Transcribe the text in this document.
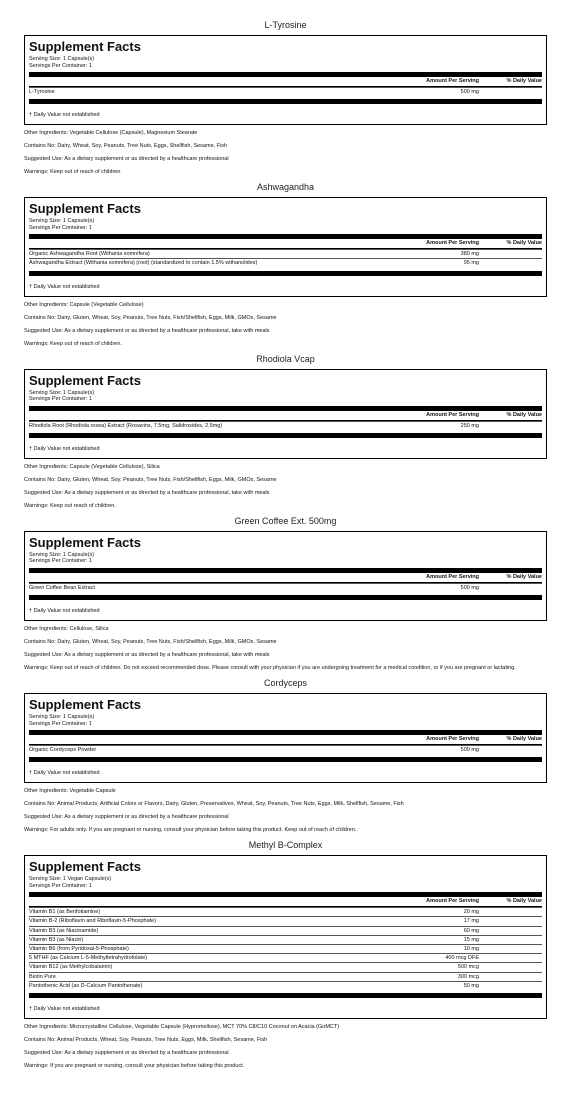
L-Tyrosine
Supplement Facts
Serving Size: 1 Capsule(s)
Servings Per Container: 1
Amount Per Serving	% Daily Value
L-Tyrosine	500 mg
† Daily Value not established
Other Ingredients: Vegetable Cellulose (Capsule), Magnesium Stearate
Contains No: Dairy, Wheat, Soy, Peanuts, Tree Nuts, Eggs, Shellfish, Sesame, Fish
Suggested Use: As a dietary supplement or as directed by a healthcare professional
Warnings: Keep out of reach of children
Ashwagandha
Supplement Facts
Serving Size: 1 Capsule(s)
Servings Per Container: 1
Amount Per Serving	% Daily Value
Organic Ashwagandha Root (Withania somnifera)	380 mg
Ashwagandha Extract (Withania somnifera) (root) (standardized to contain 1.5% withanolides)	95 mg
† Daily Value not established
Other Ingredients: Capsule (Vegetable Cellulose)
Contains No: Dairy, Gluten, Wheat, Soy, Peanuts, Tree Nuts, Fish/Shellfish, Eggs, Milk, GMOs, Sesame
Suggested Use: As a dietary supplement or as directed by a healthcare professional, take with meals
Warnings: Keep out of reach of children.
Rhodiola Vcap
Supplement Facts
Serving Size: 1 Capsule(s)
Servings Per Container: 1
Amount Per Serving	% Daily Value
Rhodiola Root (Rhodiola rosea) Extract (Rosavins, 7.5mg, Salidrosides, 2.5mg)	250 mg
† Daily Value not established
Other Ingredients: Capsule (Vegetable Cellulose), Silica
Contains No: Dairy, Gluten, Wheat, Soy, Peanuts, Tree Nuts, Fish/Shellfish, Eggs, Milk, GMOs, Sesame
Suggested Use: As a dietary supplement or as directed by a healthcare professional, take with meals
Warnings: Keep out reach of children.
Green Coffee Ext. 500mg
Supplement Facts
Serving Size: 1 Capsule(s)
Servings Per Container: 1
Amount Per Serving	% Daily Value
Green Coffee Bean Extract	500 mg
† Daily Value not established
Other Ingredients: Cellulose, Silica
Contains No: Dairy, Gluten, Wheat, Soy, Peanuts, Tree Nuts, Fish/Shellfish, Eggs, Milk, GMOs, Sesame
Suggested Use: As a dietary supplement or as directed by a healthcare professional, take with meals
Warnings: Keep out of reach of children. Do not exceed recommended dose. Please consult with your physician if you are undergoing treatment for a medical condition, or if you are pregnant or lactating.
Cordyceps
Supplement Facts
Serving Size: 1 Capsule(s)
Servings Per Container: 1
Amount Per Serving	% Daily Value
Organic Cordyceps Powder	500 mg
† Daily Value not established
Other Ingredients: Vegetable Capsule
Contains No: Animal Products, Artificial Colors or Flavors, Dairy, Gluten, Preservatives, Wheat, Soy, Peanuts, Tree Nuts, Eggs, Milk, Shellfish, Sesame, Fish
Suggested Use: As a dietary supplement or as directed by a healthcare professional
Warnings: For adults only. If you are pregnant or nursing, consult your physician before taking this product. Keep out of reach of children.
Methyl B-Complex
Supplement Facts
Serving Size: 1 Vegan Capsule(s)
Servings Per Container: 1
Amount Per Serving	% Daily Value
Vitamin B1 (as Benfotiamine)	20 mg
Vitamin B-2 (Riboflavin and Riboflavin-5-Phosphate)	17 mg
Vitamin B3 (as Niacinamide)	60 mg
Vitamin B3 (as Niacin)	15 mg
Vitamin B6 (from Pyridoxal-5-Phosphate)	10 mg
5 MTHF (as Calcium L-5-Methyltetrahydrofolate)	400 mcg DFE
Vitamin B12 (as Methylcobalamin)	500 mcg
Biotin Pure	300 mcg
Pantothenic Acid (as D-Calcium Pantothenate)	50 mg
† Daily Value not established
Other Ingredients: Microcrystalline Cellulose, Vegetable Capsule (Hypromellose), MCT 70% C8/C10 Coconut on Acacia (GoMCT)
Contains No: Animal Products, Wheat, Soy, Peanuts, Tree Nuts, Eggs, Milk, Shellfish, Sesame, Fish
Suggested Use: As a dietary supplement or as directed by a healthcare professional
Warnings: If you are pregnant or nursing, consult your physician before taking this product.
